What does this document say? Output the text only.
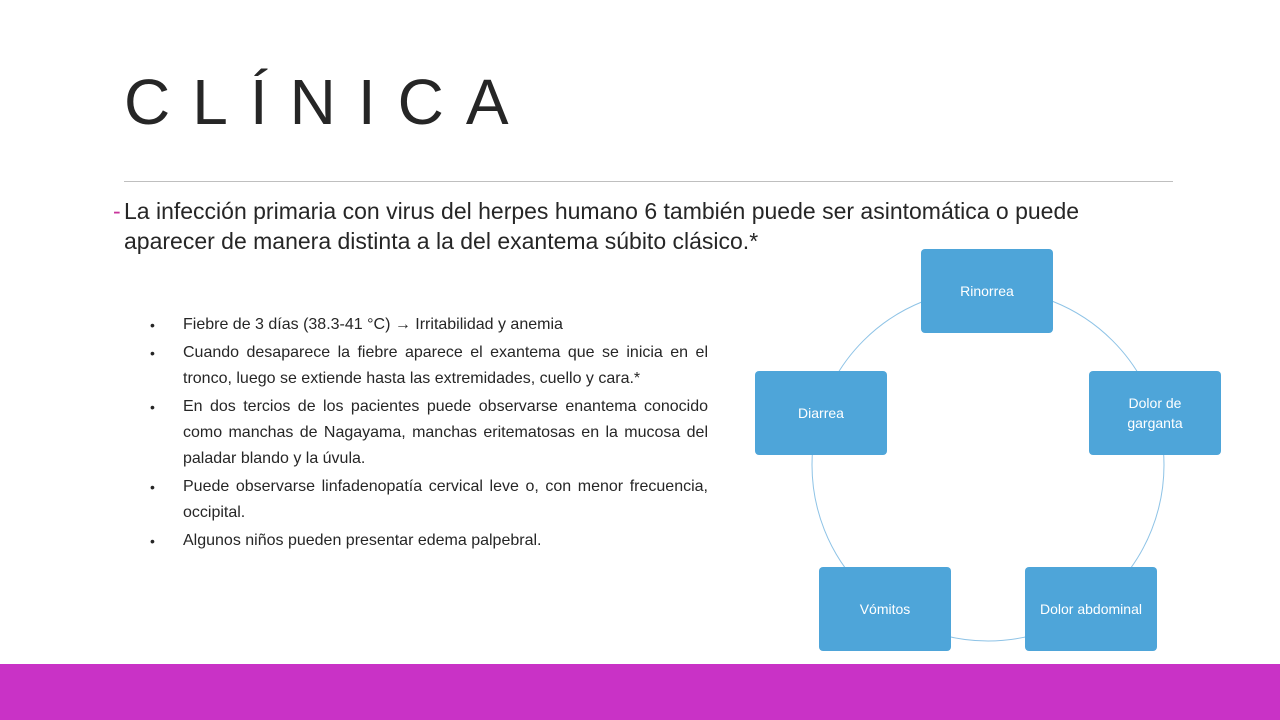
CLÍNICA
- La infección primaria con virus del herpes humano 6 también puede ser asintomática o puede aparecer de manera distinta a la del exantema súbito clásico.*
• Fiebre de 3 días (38.3-41 °C) → Irritabilidad y anemia
• Cuando desaparece la fiebre aparece el exantema que se inicia en el tronco, luego se extiende hasta las extremidades, cuello y cara.*
• En dos tercios de los pacientes puede observarse enantema conocido como manchas de Nagayama, manchas eritematosas en la mucosa del paladar blando y la úvula.
• Puede observarse linfadenopatía cervical leve o, con menor frecuencia, occipital.
• Algunos niños pueden presentar edema palpebral.
Rinorrea
Dolor de garganta
Dolor abdominal
Vómitos
Diarrea
